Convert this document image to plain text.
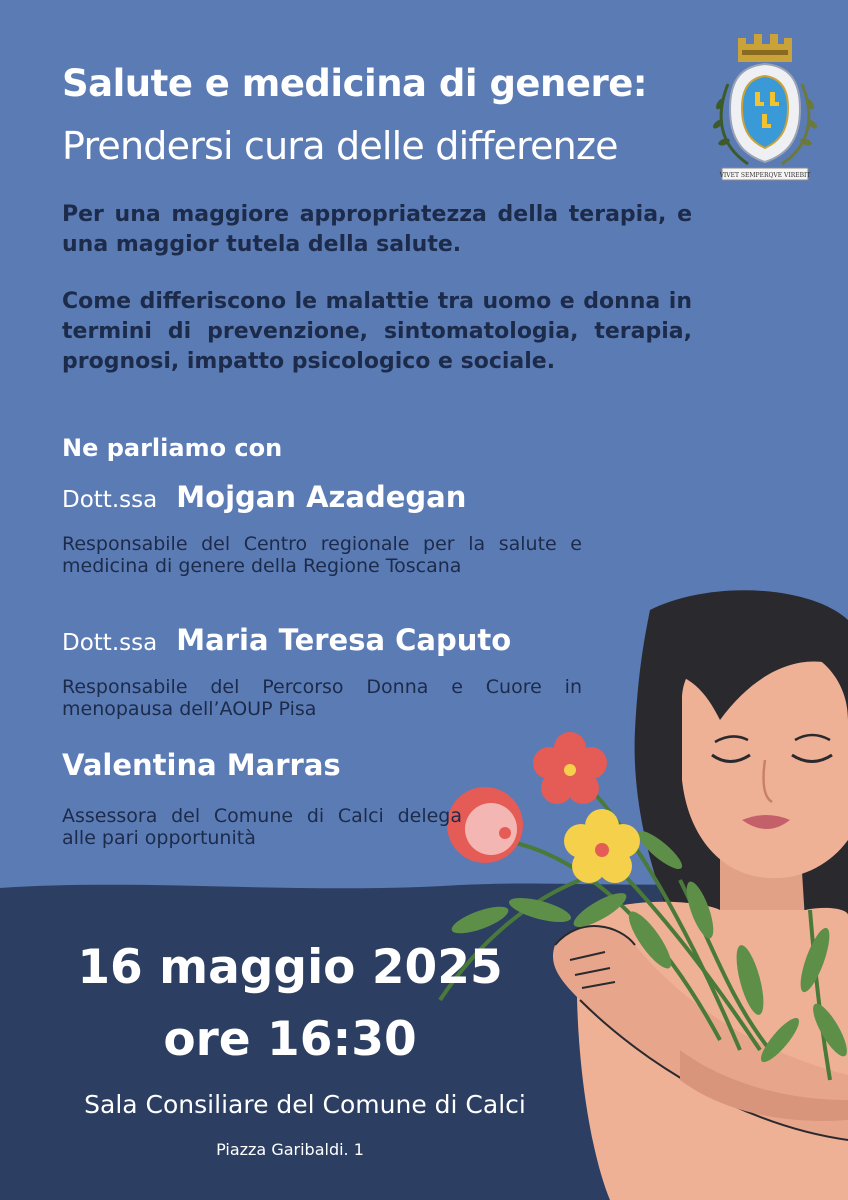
VIVET SEMPERQVE VIREBIT
Salute e medicina di genere:
Prendersi cura delle differenze
Per una maggiore appropriatezza della terapia, e una maggior tutela della salute.
Come differiscono le malattie tra uomo e donna in termini di prevenzione, sintomatologia, terapia, prognosi, impatto psicologico e sociale.
Ne parliamo con
Dott.ssa Mojgan Azadegan
Responsabile del Centro regionale per la salute e medicina di genere della Regione Toscana
Dott.ssa Maria Teresa Caputo
Responsabile del Percorso Donna e Cuore in menopausa dell’AOUP Pisa
Valentina Marras
Assessora del Comune di Calci delega alle pari opportunità
16 maggio 2025
ore 16:30
Sala Consiliare del Comune di Calci
Piazza Garibaldi. 1
